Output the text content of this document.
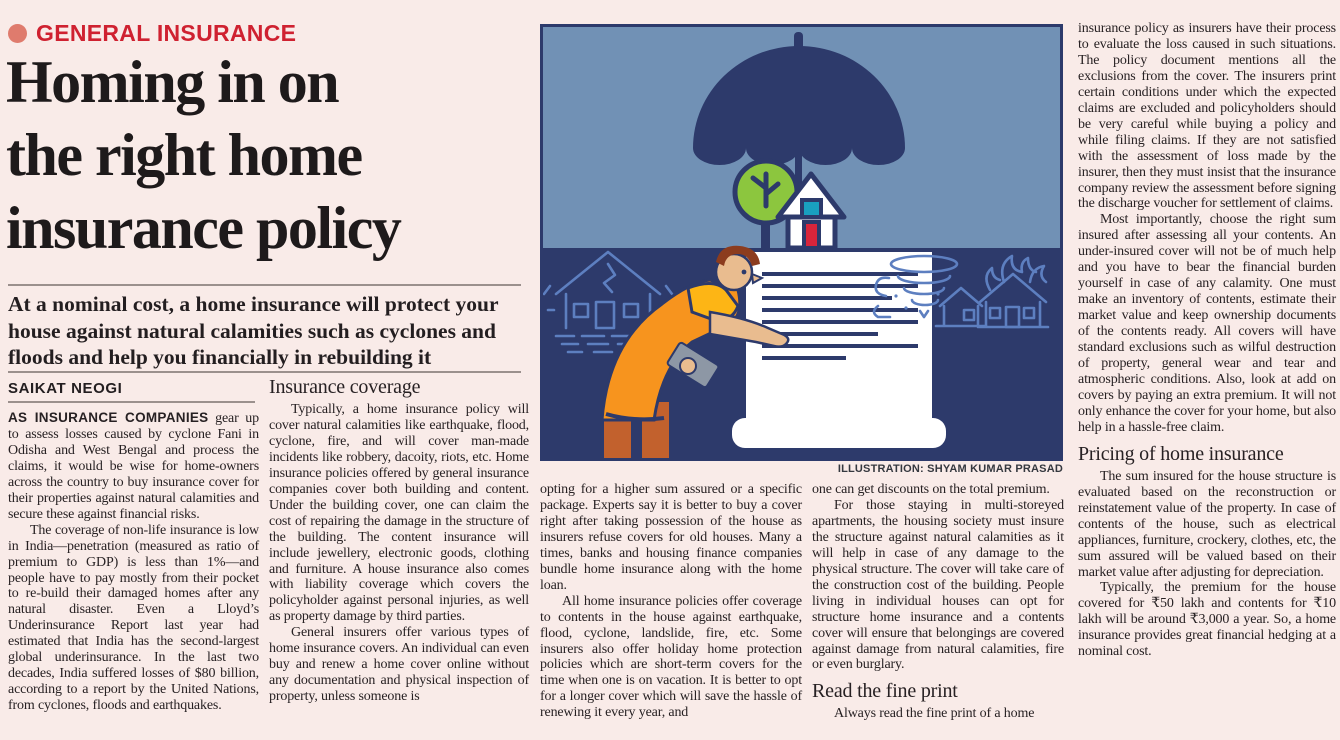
GENERAL INSURANCE
Homing in on
the right home
insurance policy
At a nominal cost, a home insurance will protect your
house against natural calamities such as cyclones and
floods and help you financially in rebuilding it
SAIKAT NEOGI

AS INSURANCE COMPANIES gear up to assess losses caused by cyclone Fani in Odisha and West Bengal and process the claims, it would be wise for home-owners across the country to buy insurance cover for their properties against natural calamities and secure these against financial risks.

The coverage of non-life insurance is low in India—penetration (measured as ratio of premium to GDP) is less than 1%—and people have to pay mostly from their pocket to re-build their damaged homes after any natural disaster. Even a Lloyd’s Underinsurance Report last year had estimated that India has the second-largest global underinsurance. In the last two decades, India suffered losses of $80 billion, according to a report by the United Nations, from cyclones, floods and earthquakes.

Insurance coverage

Typically, a home insurance policy will cover natural calamities like earthquake, flood, cyclone, fire, and will cover man-made incidents like robbery, dacoity, riots, etc. Home insurance policies offered by general insurance companies cover both building and content. Under the building cover, one can claim the cost of repairing the damage in the structure of the building. The content insurance will include jewellery, electronic goods, clothing and furniture. A house insurance also comes with liability coverage which covers the policyholder against personal injuries, as well as property damage by third parties.

General insurers offer various types of home insurance covers. An individual can even buy and renew a home cover online without any documentation and physical inspection of property, unless someone is

ILLUSTRATION: SHYAM KUMAR PRASAD

opting for a higher sum assured or a specific package. Experts say it is better to buy a cover right after taking possession of the house as insurers refuse covers for old houses. Many a times, banks and housing finance companies bundle home insurance along with the home loan.

All home insurance policies offer coverage to contents in the house against earthquake, flood, cyclone, landslide, fire, etc. Some insurers also offer holiday home protection policies which are short-term covers for the time when one is on vacation. It is better to opt for a longer cover which will save the hassle of renewing it every year, and

one can get discounts on the total premium.

For those staying in multi-storeyed apartments, the housing society must insure the structure against natural calamities as it will help in case of any damage to the physical structure. The cover will take care of the construction cost of the building. People living in individual houses can opt for structure home insurance and a contents cover will ensure that belongings are covered against damage from natural calamities, fire or even burglary.

Read the fine print

Always read the fine print of a home

insurance policy as insurers have their process to evaluate the loss caused in such situations. The policy document mentions all the exclusions from the cover. The insurers print certain conditions under which the expected claims are excluded and policyholders should be very careful while buying a policy and while filing claims. If they are not satisfied with the assessment of loss made by the insurer, then they must insist that the insurance company review the assessment before signing the discharge voucher for settlement of claims.

Most importantly, choose the right sum insured after assessing all your contents. An under-insured cover will not be of much help and you have to bear the financial burden yourself in case of any calamity. One must make an inventory of contents, estimate their market value and keep ownership documents of the contents ready. All covers will have standard exclusions such as wilful destruction of property, general wear and tear and atmospheric conditions. Also, look at add on covers by paying an extra premium. It will not only enhance the cover for your home, but also help in a hassle-free claim.

Pricing of home insurance

The sum insured for the house structure is evaluated based on the reconstruction or reinstatement value of the property. In case of contents of the house, such as electrical appliances, furniture, crockery, clothes, etc, the sum assured will be valued based on their market value after adjusting for depreciation.

Typically, the premium for the house covered for ₹50 lakh and contents for ₹10 lakh will be around ₹3,000 a year. So, a home insurance provides great financial hedging at a nominal cost.
